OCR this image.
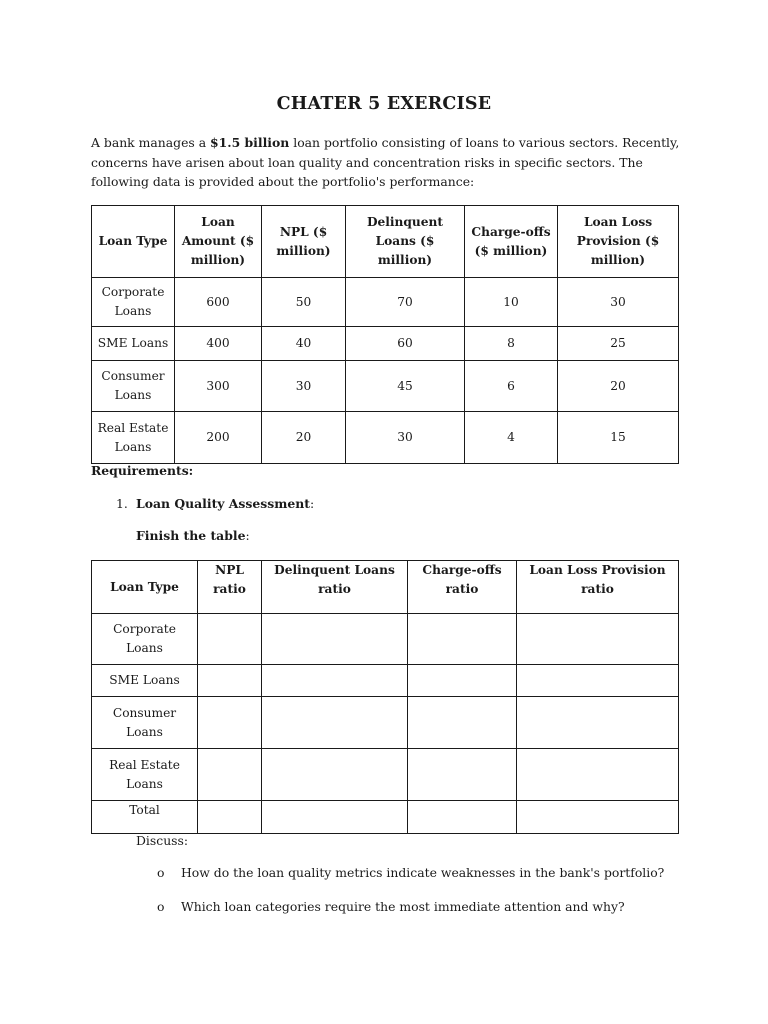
CHATER 5 EXERCISE
A bank manages a $1.5 billion loan portfolio consisting of loans to various sectors. Recently, concerns have arisen about loan quality and concentration risks in specific sectors. The following data is provided about the portfolio's performance:
Loan Type	Loan Amount ($ million)	NPL ($ million)	Delinquent Loans ($ million)	Charge-offs ($ million)	Loan Loss Provision ($ million)
Corporate Loans	600	50	70	10	30
SME Loans	400	40	60	8	25
Consumer Loans	300	30	45	6	20
Real Estate Loans	200	20	30	4	15
Requirements:
1. Loan Quality Assessment:
Finish the table:
Loan Type	NPL ratio	Delinquent Loans ratio	Charge-offs ratio	Loan Loss Provision ratio
Corporate Loans				
SME Loans				
Consumer Loans				
Real Estate Loans				
Total				
Discuss:
o How do the loan quality metrics indicate weaknesses in the bank's portfolio?
o Which loan categories require the most immediate attention and why?
